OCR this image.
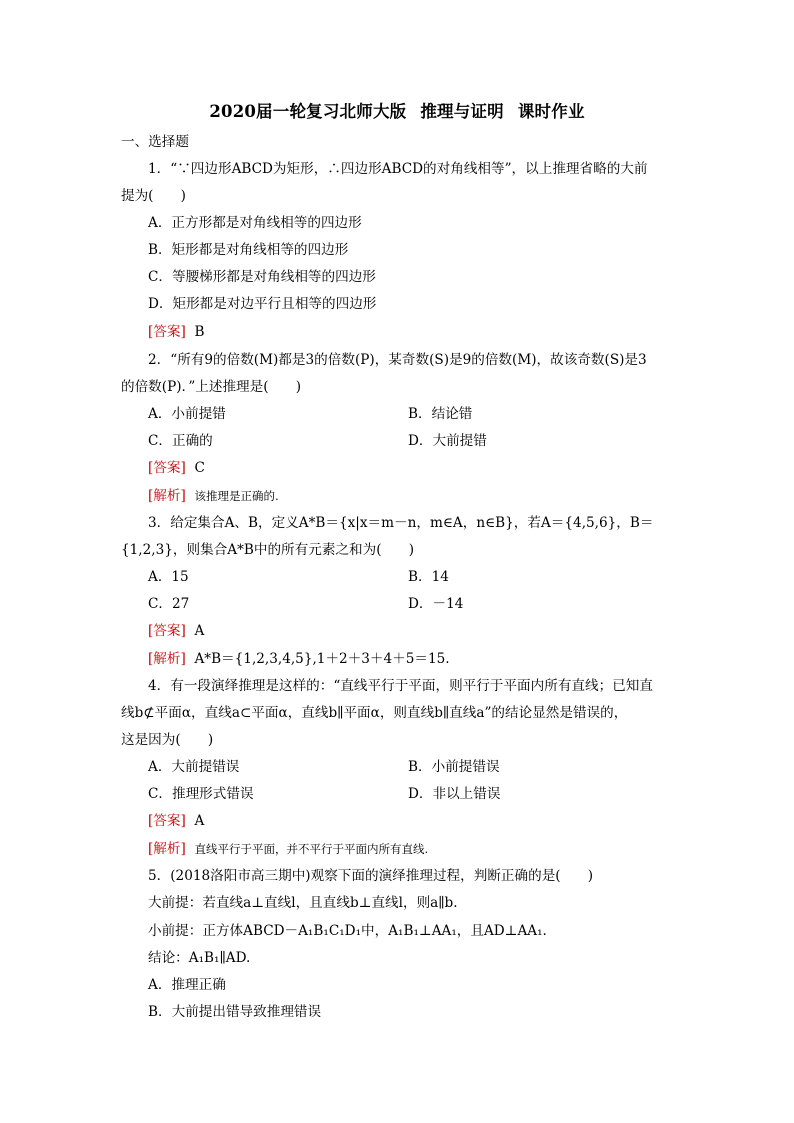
2020届一轮复习北师大版 推理与证明 课时作业
一、选择题
1．“∵四边形ABCD为矩形，∴四边形ABCD的对角线相等”，以上推理省略的大前
提为(　　)
A．正方形都是对角线相等的四边形
B．矩形都是对角线相等的四边形
C．等腰梯形都是对角线相等的四边形
D．矩形都是对边平行且相等的四边形
[答案] B
2．“所有9的倍数(M)都是3的倍数(P)，某奇数(S)是9的倍数(M)，故该奇数(S)是3
的倍数(P)．”上述推理是(　　)
A．小前提错	B．结论错
C．正确的	D．大前提错
[答案] C
[解析] 该推理是正确的.
3．给定集合A、B，定义A*B＝{x|x＝m－n，m∈A，n∈B}，若A＝{4,5,6}，B＝
{1,2,3}，则集合A*B中的所有元素之和为(　　)
A．15	B．14
C．27	D．－14
[答案] A
[解析] A*B＝{1,2,3,4,5},1＋2＋3＋4＋5＝15.
4．有一段演绎推理是这样的：“直线平行于平面，则平行于平面内所有直线；已知直
线b⊄平面α，直线a⊂平面α，直线b∥平面α，则直线b∥直线a”的结论显然是错误的，
这是因为(　　)
A．大前提错误	B．小前提错误
C．推理形式错误	D．非以上错误
[答案] A
[解析] 直线平行于平面，并不平行于平面内所有直线.
5．(2018洛阳市高三期中)观察下面的演绎推理过程，判断正确的是(　　)
大前提：若直线a⊥直线l，且直线b⊥直线l，则a∥b.
小前提：正方体ABCD－A₁B₁C₁D₁中，A₁B₁⊥AA₁，且AD⊥AA₁.
结论：A₁B₁∥AD.
A．推理正确
B．大前提出错导致推理错误
